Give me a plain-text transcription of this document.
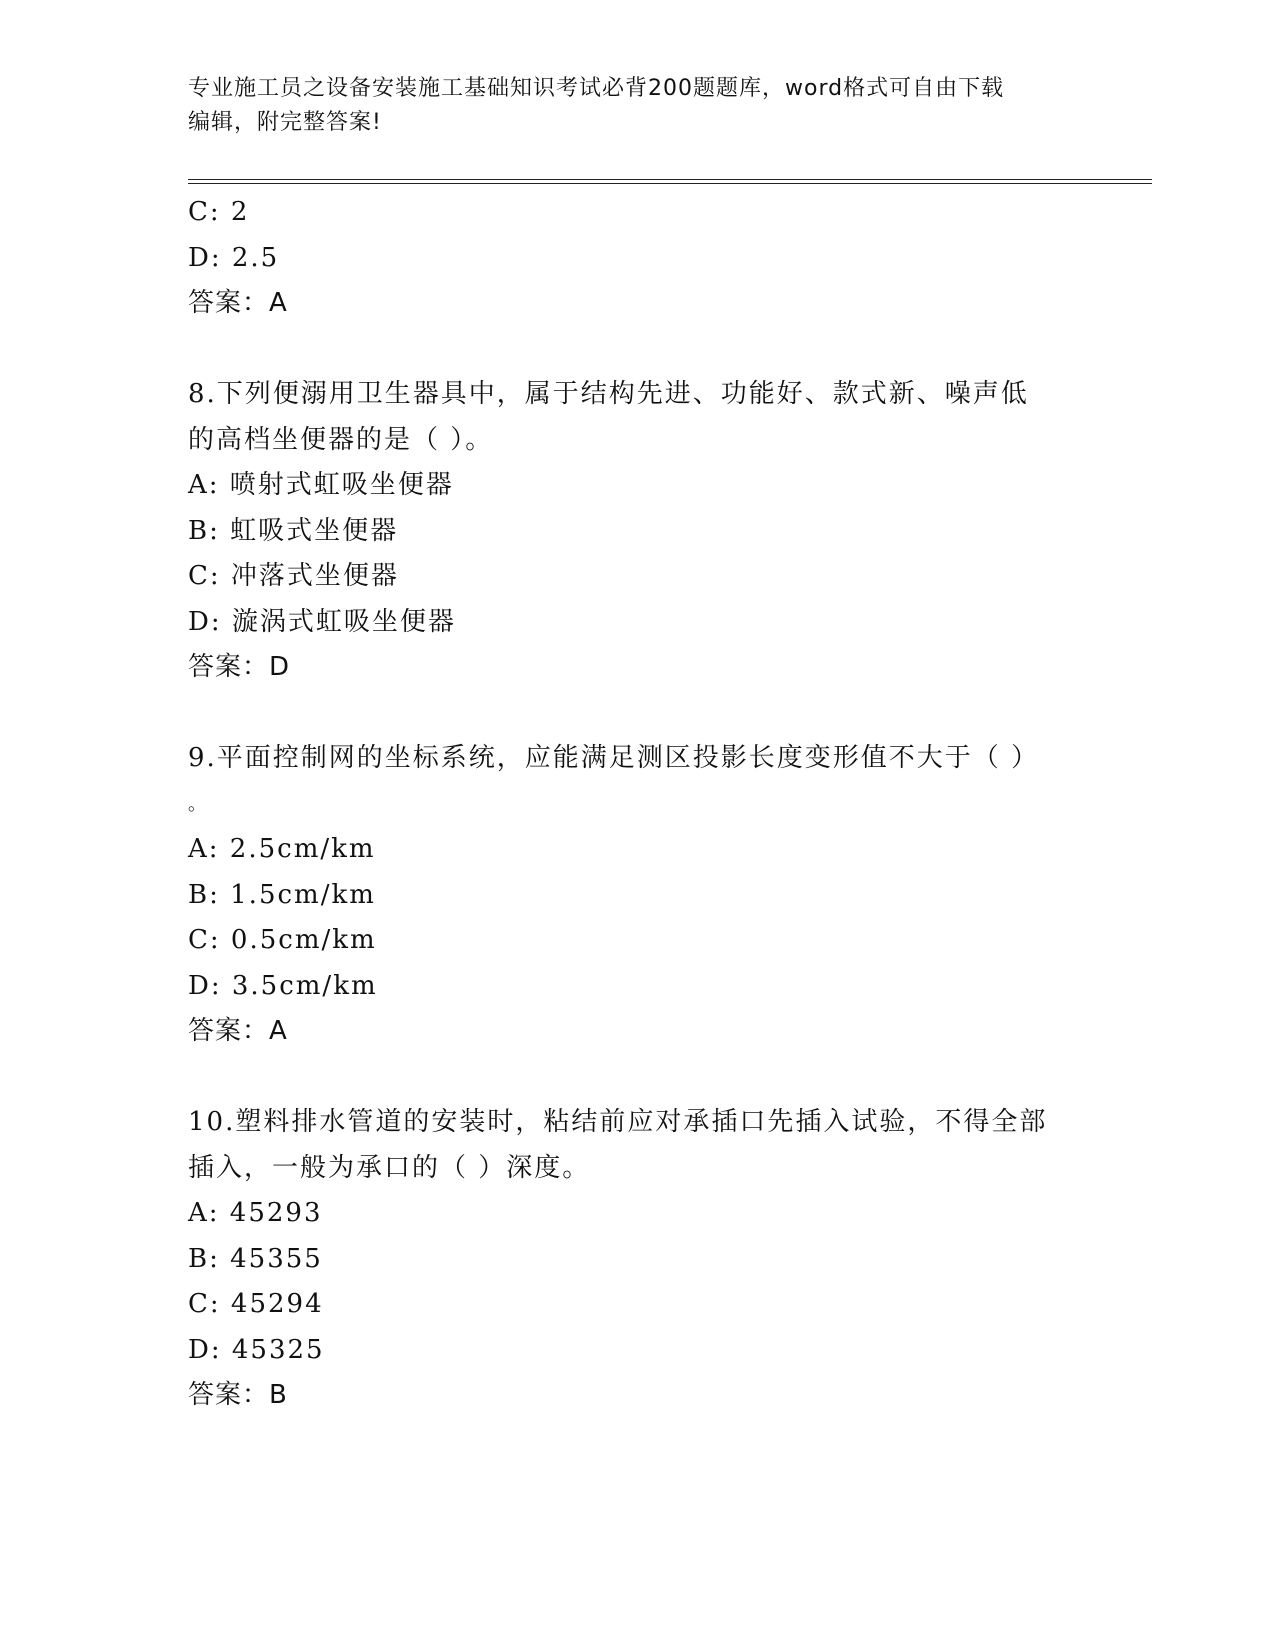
专业施工员之设备安装施工基础知识考试必背200题题库，word格式可自由下载
编辑，附完整答案!
C: 2
D: 2.5
答案：A
8.下列便溺用卫生器具中，属于结构先进、功能好、款式新、噪声低
的高档坐便器的是（ ）。
A: 喷射式虹吸坐便器
B: 虹吸式坐便器
C: 冲落式坐便器
D: 漩涡式虹吸坐便器
答案：D
9.平面控制网的坐标系统，应能满足测区投影长度变形值不大于（ ）
。
A: 2.5cm/km
B: 1.5cm/km
C: 0.5cm/km
D: 3.5cm/km
答案：A
10.塑料排水管道的安装时，粘结前应对承插口先插入试验，不得全部
插入，一般为承口的（ ）深度。
A: 45293
B: 45355
C: 45294
D: 45325
答案：B
